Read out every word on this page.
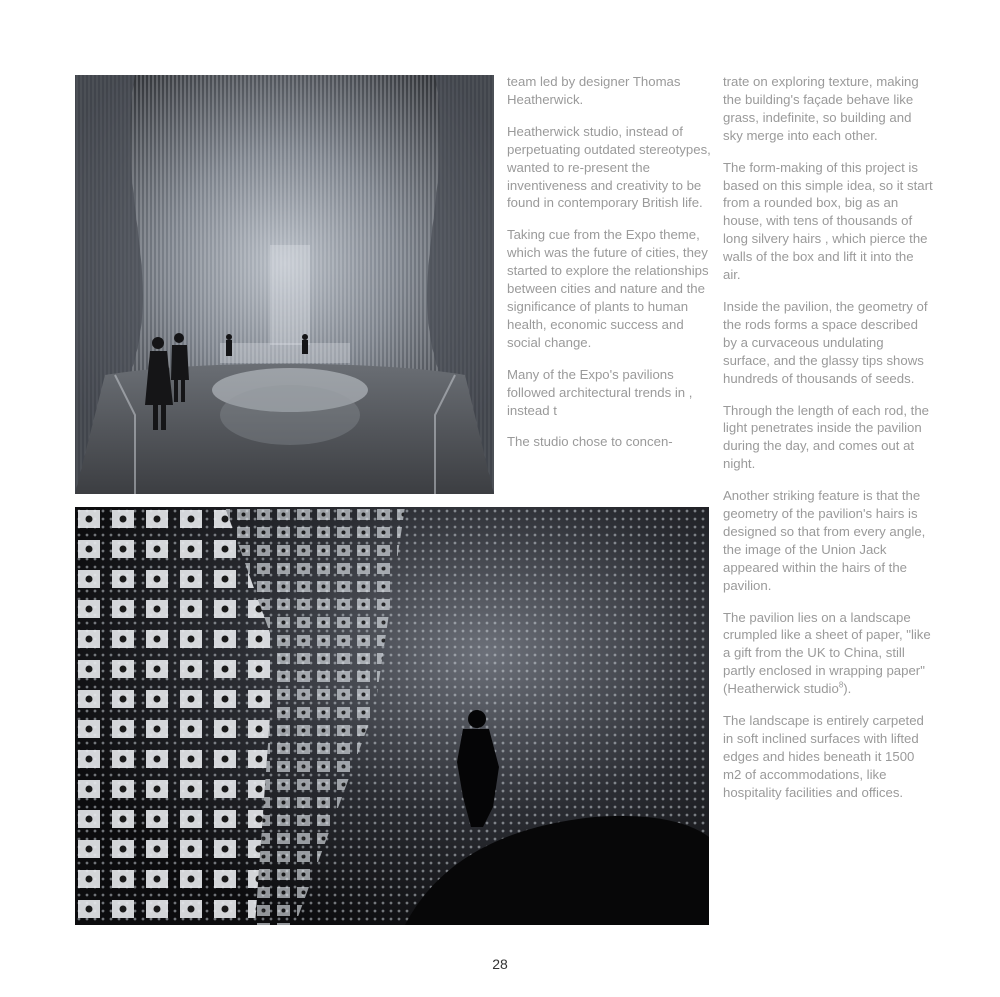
team led by designer Thomas Heatherwick.

Heatherwick studio, instead of perpetuating outdated stereotypes, wanted to re-present the inventiveness and creativity to be found in contemporary British life.

Taking cue from the Expo theme, which was the future of cities, they started to explore the relationships between cities and nature and the significance of plants to human health, economic success and social change.

Many of the Expo's pavilions followed architectural trends in , instead t

The studio chose to concen-

trate on exploring texture, making the building's façade behave like grass, indefinite, so building and sky merge into each other.

The form-making of this project is based on this simple idea, so it start from a rounded box, big as an house, with tens of thousands of long silvery hairs , which pierce the walls of the box and lift it into the air.

Inside the pavilion, the geometry of the rods forms a space described by a curvaceous undulating surface, and the glassy tips shows hundreds of thousands of seeds.

Through the length of each rod, the light penetrates inside the pavilion during the day, and comes out at night.

Another striking feature is that the geometry of the pavilion's hairs is designed so that from every angle, the image of the Union Jack appeared within the hairs of the pavilion.

The pavilion lies on a landscape crumpled like a sheet of paper, "like a gift from the UK to China, still partly enclosed in wrapping paper" (Heatherwick studio$^8$).

The landscape is entirely carpeted in soft inclined surfaces with lifted edges and hides beneath it 1500 m2 of accommodations, like hospitality facilities and offices.

28
